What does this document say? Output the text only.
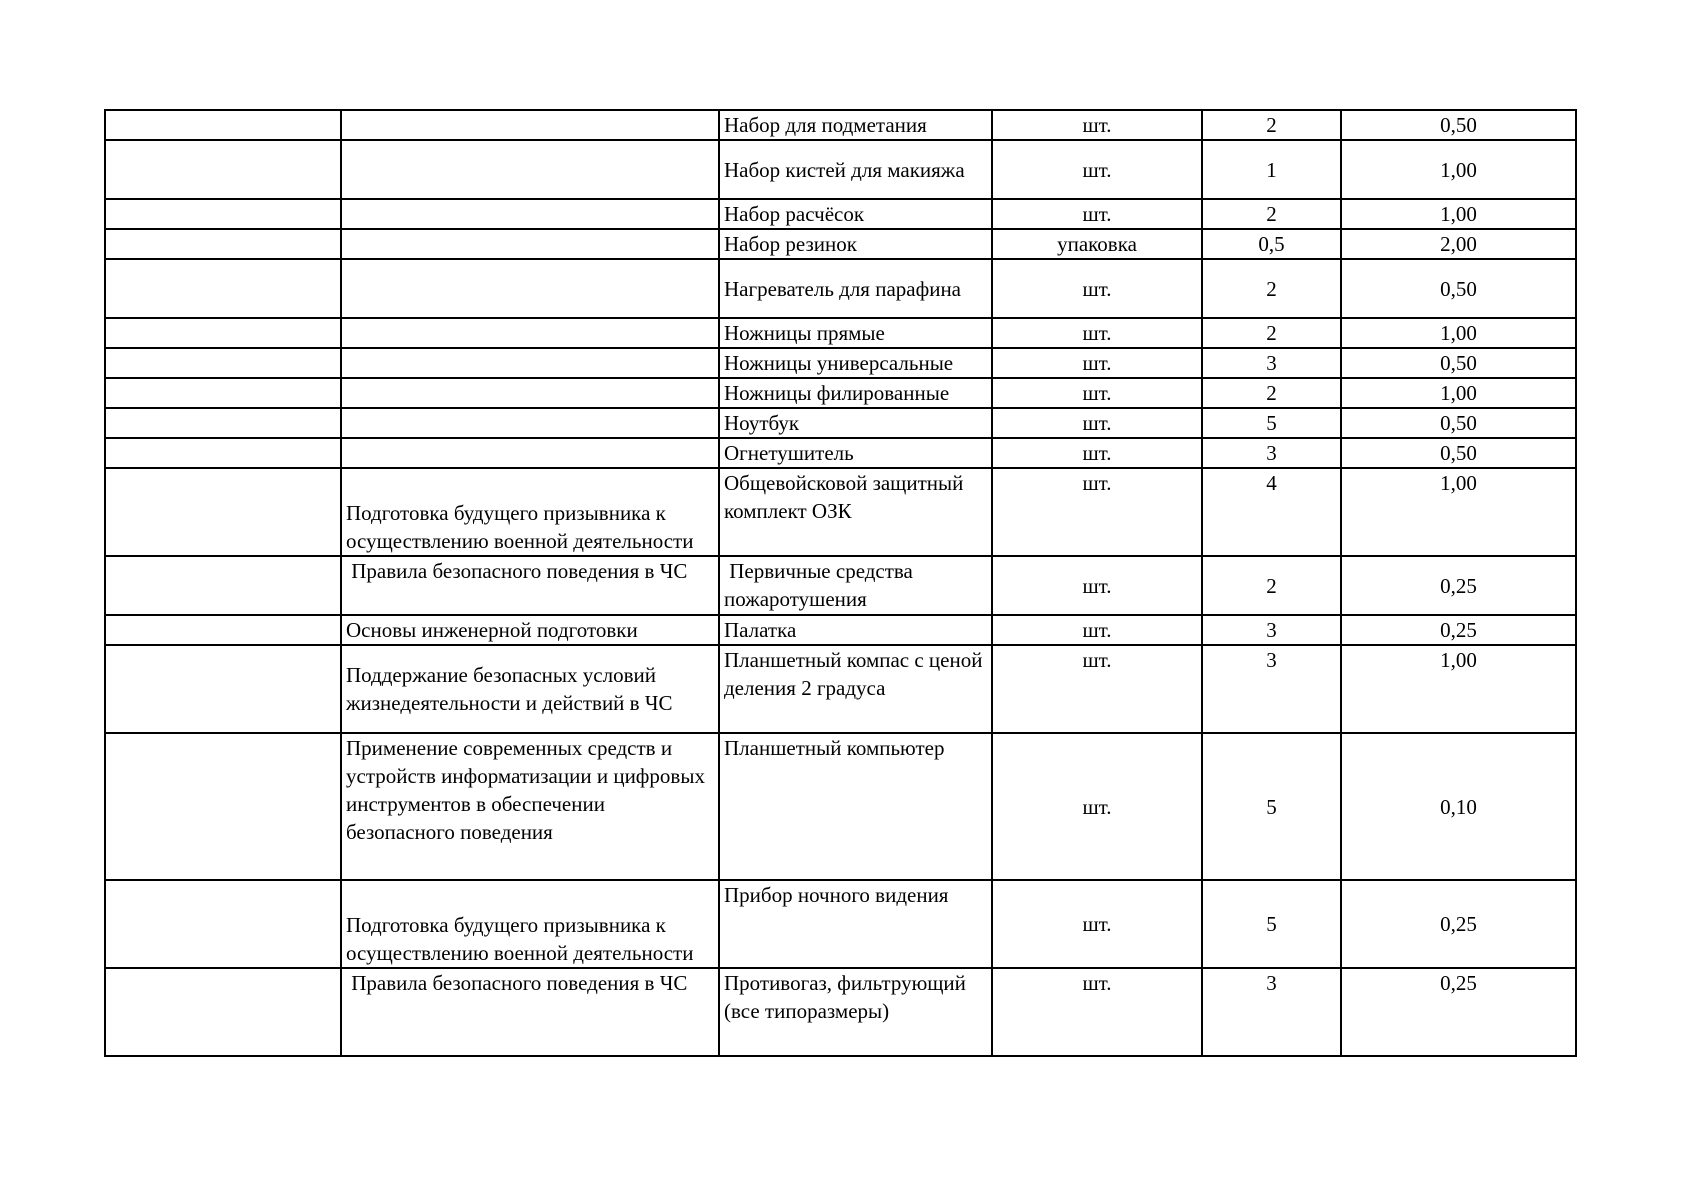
		Набор для подметания	шт.	2	0,50
		Набор кистей для макияжа	шт.	1	1,00
		Набор расчёсок	шт.	2	1,00
		Набор резинок	упаковка	0,5	2,00
		Нагреватель для парафина	шт.	2	0,50
		Ножницы прямые	шт.	2	1,00
		Ножницы универсальные	шт.	3	0,50
		Ножницы филированные	шт.	2	1,00
		Ноутбук	шт.	5	0,50
		Огнетушитель	шт.	3	0,50
	Подготовка будущего призывника к осуществлению военной деятельности	Общевойсковой защитный комплект ОЗК	шт.	4	1,00
	Правила безопасного поведения в ЧС	Первичные средства пожаротушения	шт.	2	0,25
	Основы инженерной подготовки	Палатка	шт.	3	0,25
	Поддержание безопасных условий жизнедеятельности и действий в ЧС	Планшетный компас с ценой деления 2 градуса	шт.	3	1,00
	Применение современных средств и устройств информатизации и цифровых инструментов в обеспечении безопасного поведения	Планшетный компьютер	шт.	5	0,10
	Подготовка будущего призывника к осуществлению военной деятельности	Прибор ночного видения	шт.	5	0,25
	Правила безопасного поведения в ЧС	Противогаз, фильтрующий (все типоразмеры)	шт.	3	0,25
